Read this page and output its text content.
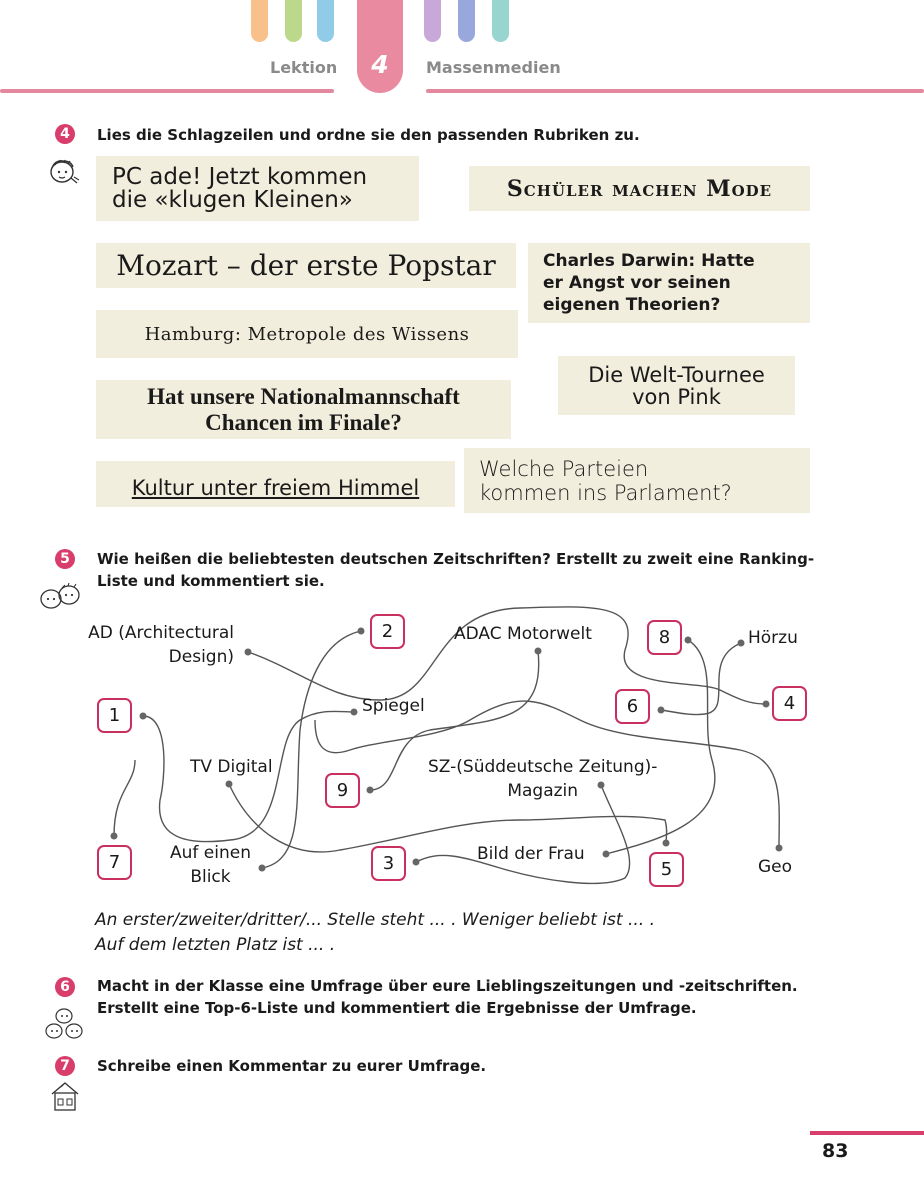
4
Lektion	Massenmedien
4	Lies die Schlagzeilen und ordne sie den passenden Rubriken zu.
PC ade! Jetzt kommen
die «klugen Kleinen»	Schüler machen Mode
Mozart – der erste Popstar	Charles Darwin: Hatte
er Angst vor seinen
eigenen Theorien?
Hamburg: Metropole des Wissens
Die Welt-Tournee
von Pink
Hat unsere Nationalmannschaft
Chancen im Finale?
Kultur unter freiem Himmel
Welche Parteien
kommen ins Parlament?
5	Wie heißen die beliebtesten deutschen Zeitschriften? Erstellt zu zweit eine Ranking-
Liste und kommentiert sie.
1
2
3
4
5
6
7
8
9
AD (Architectural
Design)
ADAC Motorwelt	Hörzu
Spiegel
TV Digital	SZ-(Süddeutsche Zeitung)-
Magazin
Auf einen
Blick
Bild der Frau
Geo
An erster/zweiter/dritter/... Stelle steht ... . Weniger beliebt ist ... .
Auf dem letzten Platz ist ... .
6	Macht in der Klasse eine Umfrage über eure Lieblingszeitungen und -zeitschriften.
Erstellt eine Top-6-Liste und kommentiert die Ergebnisse der Umfrage.
7	Schreibe einen Kommentar zu eurer Umfrage.
83
